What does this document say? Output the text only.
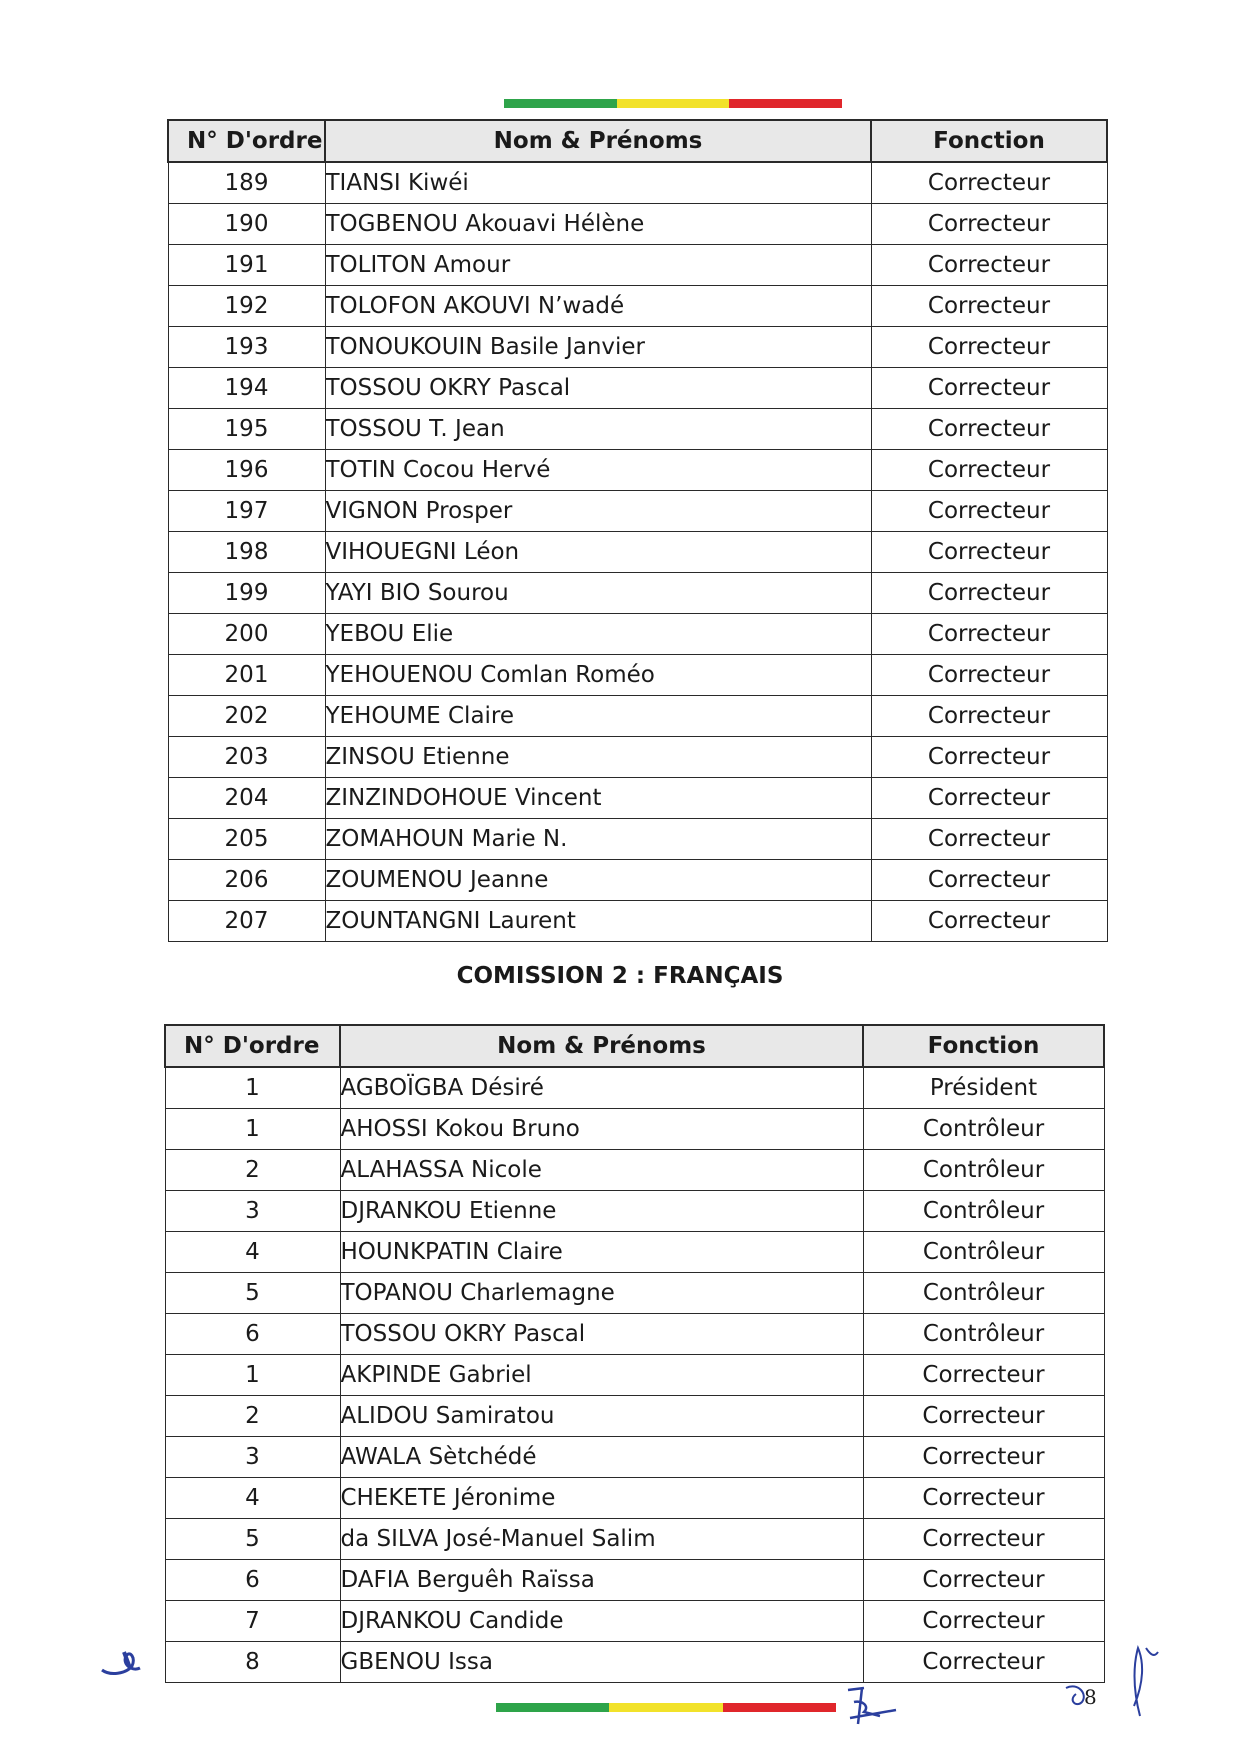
N° D'ordre	Nom & Prénoms	Fonction
189	TIANSI Kiwéi	Correcteur
190	TOGBENOU Akouavi Hélène	Correcteur
191	TOLITON Amour	Correcteur
192	TOLOFON AKOUVI N’wadé	Correcteur
193	TONOUKOUIN Basile Janvier	Correcteur
194	TOSSOU OKRY Pascal	Correcteur
195	TOSSOU T. Jean	Correcteur
196	TOTIN Cocou Hervé	Correcteur
197	VIGNON Prosper	Correcteur
198	VIHOUEGNI Léon	Correcteur
199	YAYI BIO Sourou	Correcteur
200	YEBOU Elie	Correcteur
201	YEHOUENOU Comlan Roméo	Correcteur
202	YEHOUME Claire	Correcteur
203	ZINSOU Etienne	Correcteur
204	ZINZINDOHOUE Vincent	Correcteur
205	ZOMAHOUN Marie N.	Correcteur
206	ZOUMENOU Jeanne	Correcteur
207	ZOUNTANGNI Laurent	Correcteur
COMISSION 2 : FRANÇAIS
N° D'ordre	Nom & Prénoms	Fonction
1	AGBOÏGBA Désiré	Président
1	AHOSSI Kokou Bruno	Contrôleur
2	ALAHASSA Nicole	Contrôleur
3	DJRANKOU Etienne	Contrôleur
4	HOUNKPATIN Claire	Contrôleur
5	TOPANOU Charlemagne	Contrôleur
6	TOSSOU OKRY Pascal	Contrôleur
1	AKPINDE Gabriel	Correcteur
2	ALIDOU Samiratou	Correcteur
3	AWALA Sètchédé	Correcteur
4	CHEKETE Jéronime	Correcteur
5	da SILVA José-Manuel Salim	Correcteur
6	DAFIA Berguêh Raïssa	Correcteur
7	DJRANKOU Candide	Correcteur
8	GBENOU Issa	Correcteur
8
